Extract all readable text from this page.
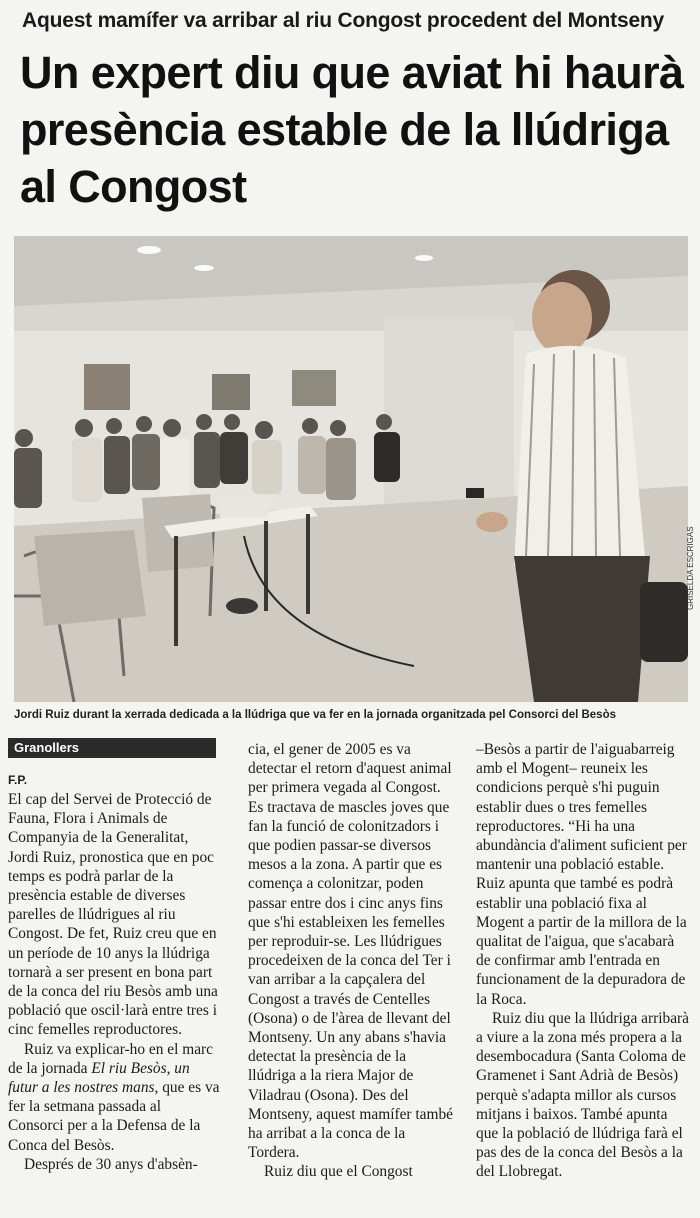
Aquest mamífer va arribar al riu Congost procedent del Montseny
Un expert diu que aviat hi haurà presència estable de la llúdriga al Congost
GRISELDA ESCRIGAS
Jordi Ruiz durant la xerrada dedicada a la llúdriga que va fer en la jornada organitzada pel Consorci del Besòs
Granollers
F.P.

El cap del Servei de Protecció de Fauna, Flora i Animals de Companyia de la Generalitat, Jordi Ruiz, pronostica que en poc temps es podrà parlar de la presència estable de diverses parelles de llúdrigues al riu Congost. De fet, Ruiz creu que en un període de 10 anys la llúdriga tornarà a ser present en bona part de la conca del riu Besòs amb una població que oscil·larà entre tres i cinc femelles reproductores.

Ruiz va explicar-ho en el marc de la jornada El riu Besòs, un futur a les nostres mans, que es va fer la setmana passada al Consorci per a la Defensa de la Conca del Besòs.

Després de 30 anys d'absèn-

cia, el gener de 2005 es va detectar el retorn d'aquest animal per primera vegada al Congost. Es tractava de mascles joves que fan la funció de colonitzadors i que podien passar-se diversos mesos a la zona. A partir que es comença a colonitzar, poden passar entre dos i cinc anys fins que s'hi estableixen les femelles per reproduir-se. Les llúdrigues procedeixen de la conca del Ter i van arribar a la capçalera del Congost a través de Centelles (Osona) o de l'àrea de llevant del Montseny. Un any abans s'havia detectat la presència de la llúdriga a la riera Major de Viladrau (Osona). Des del Montseny, aquest mamífer també ha arribat a la conca de la Tordera.

Ruiz diu que el Congost

–Besòs a partir de l'aiguabarreig amb el Mogent– reuneix les condicions perquè s'hi puguin establir dues o tres femelles reproductores. “Hi ha una abundància d'aliment suficient per mantenir una població estable. Ruiz apunta que també es podrà establir una població fixa al Mogent a partir de la millora de la qualitat de l'aigua, que s'acabarà de confirmar amb l'entrada en funcionament de la depuradora de la Roca.

Ruiz diu que la llúdriga arribarà a viure a la zona més propera a la desembocadura (Santa Coloma de Gramenet i Sant Adrià de Besòs) perquè s'adapta millor als cursos mitjans i baixos. També apunta que la població de llúdriga farà el pas des de la conca del Besòs a la del Llobregat.
